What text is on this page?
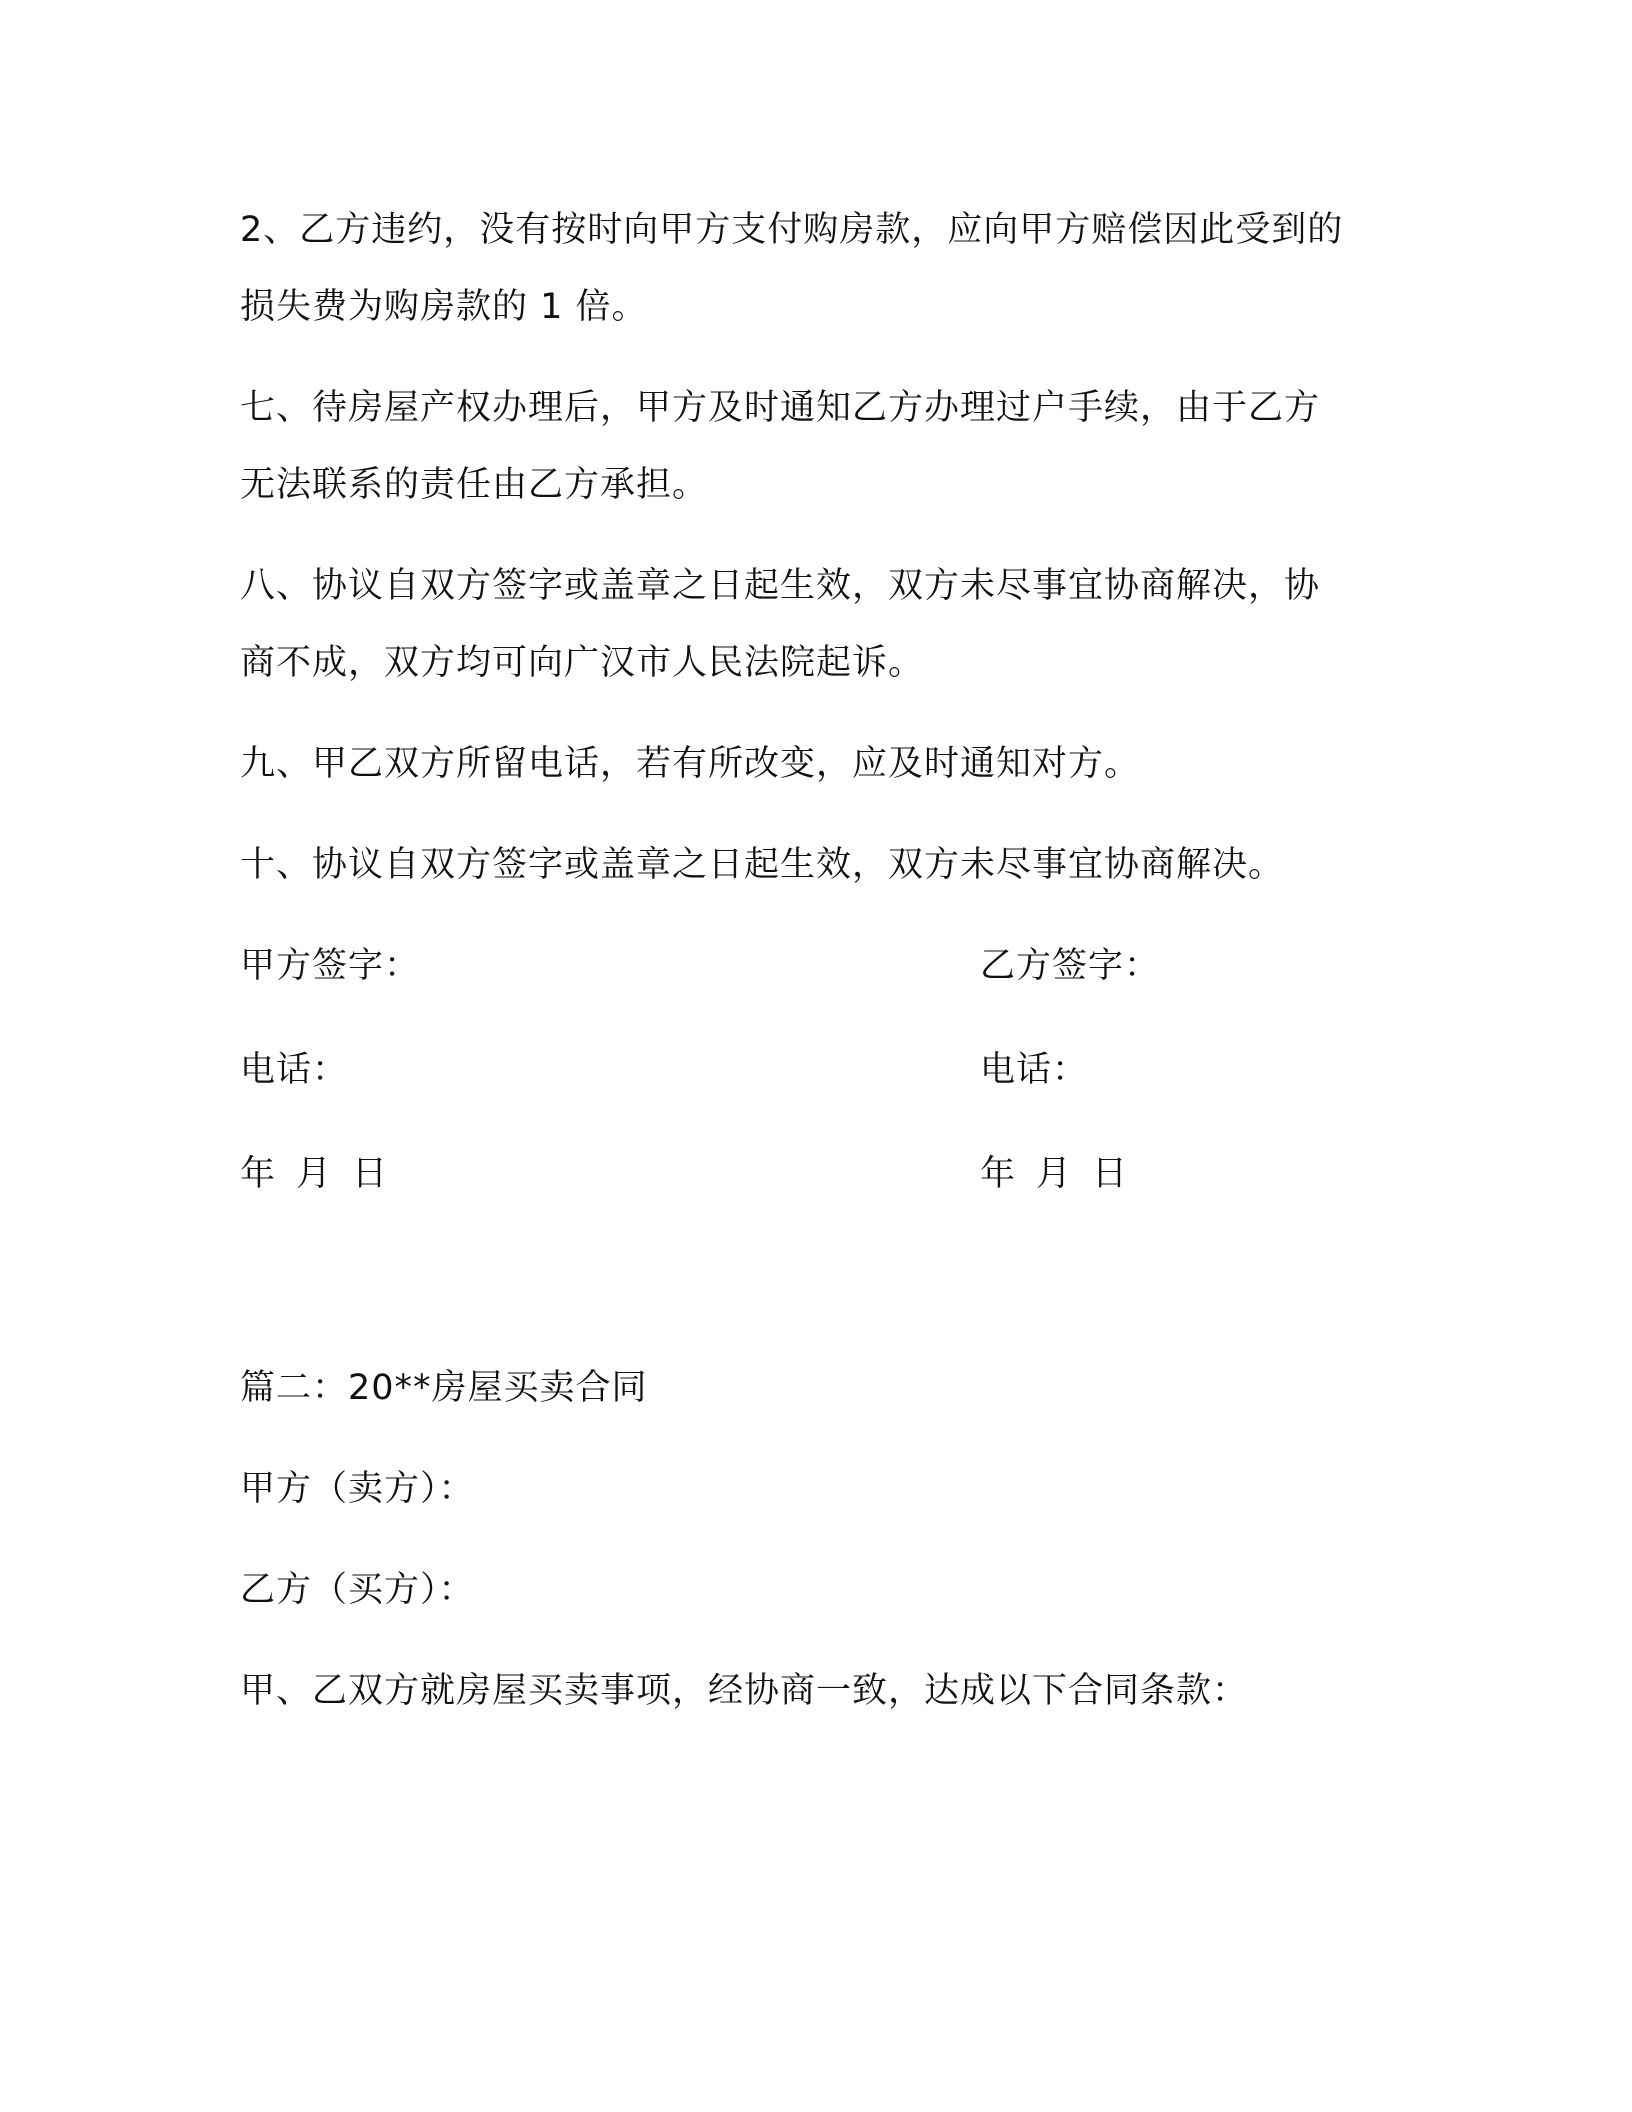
2、乙方违约，没有按时向甲方支付购房款，应向甲方赔偿因此受到的
损失费为购房款的 1 倍。

七、待房屋产权办理后，甲方及时通知乙方办理过户手续，由于乙方
无法联系的责任由乙方承担。

八、协议自双方签字或盖章之日起生效，双方未尽事宜协商解决，协
商不成，双方均可向广汉市人民法院起诉。

九、甲乙双方所留电话，若有所改变，应及时通知对方。

十、协议自双方签字或盖章之日起生效，双方未尽事宜协商解决。

甲方签字：	乙方签字：
电话：	电话：
年 月 日	年 月 日

篇二：20**房屋买卖合同

甲方（卖方）：

乙方（买方）：

甲、乙双方就房屋买卖事项，经协商一致，达成以下合同条款：
